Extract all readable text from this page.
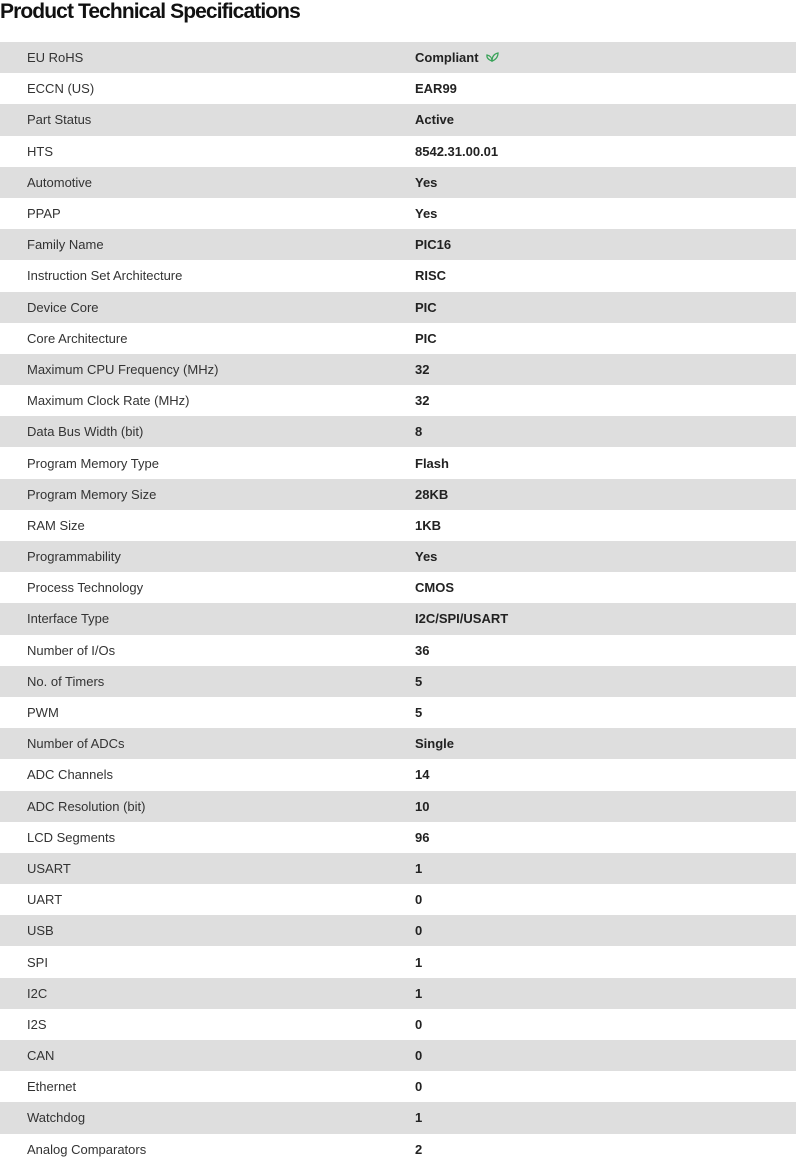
Product Technical Specifications
EU RoHS	Compliant
ECCN (US)	EAR99
Part Status	Active
HTS	8542.31.00.01
Automotive	Yes
PPAP	Yes
Family Name	PIC16
Instruction Set Architecture	RISC
Device Core	PIC
Core Architecture	PIC
Maximum CPU Frequency (MHz)	32
Maximum Clock Rate (MHz)	32
Data Bus Width (bit)	8
Program Memory Type	Flash
Program Memory Size	28KB
RAM Size	1KB
Programmability	Yes
Process Technology	CMOS
Interface Type	I2C/SPI/USART
Number of I/Os	36
No. of Timers	5
PWM	5
Number of ADCs	Single
ADC Channels	14
ADC Resolution (bit)	10
LCD Segments	96
USART	1
UART	0
USB	0
SPI	1
I2C	1
I2S	0
CAN	0
Ethernet	0
Watchdog	1
Analog Comparators	2
